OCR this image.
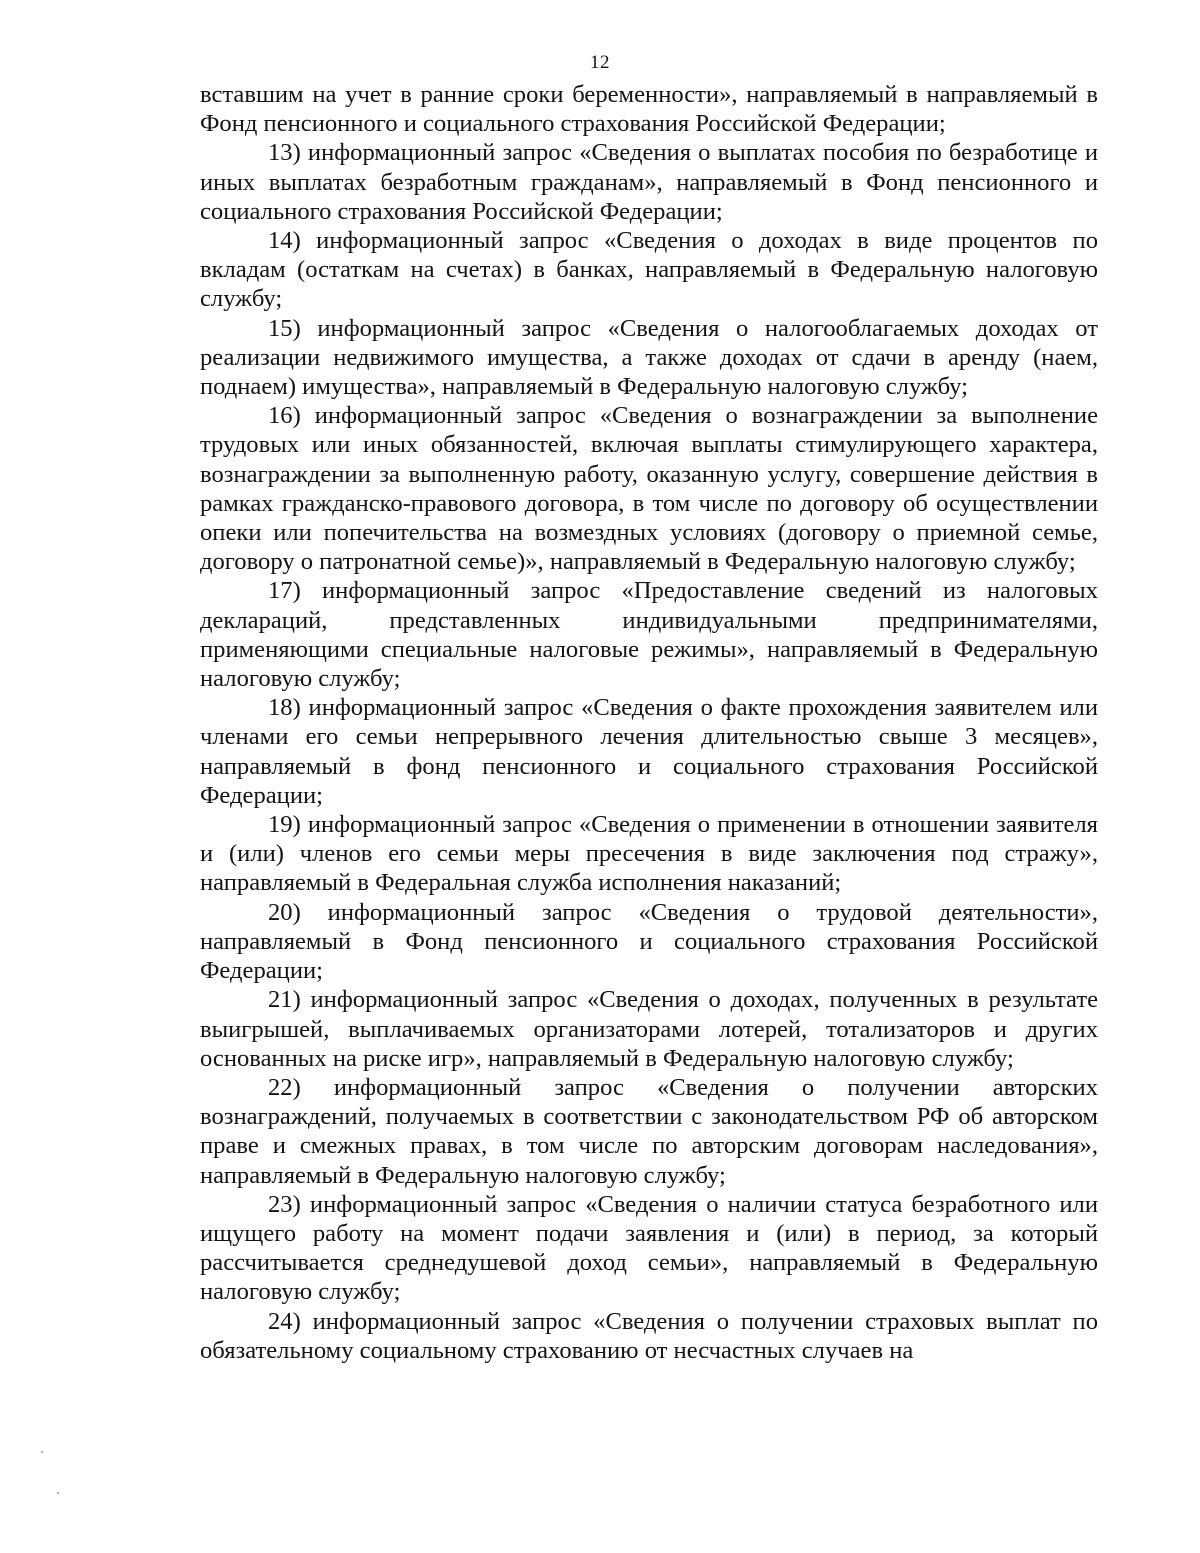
12

вставшим на учет в ранние сроки беременности», направляемый в направляемый в Фонд пенсионного и социального страхования Российской Федерации;

13) информационный запрос «Сведения о выплатах пособия по безработице и иных выплатах безработным гражданам», направляемый в Фонд пенсионного и социального страхования Российской Федерации;

14) информационный запрос «Сведения о доходах в виде процентов по вкладам (остаткам на счетах) в банках, направляемый в Федеральную налоговую службу;

15) информационный запрос «Сведения о налогооблагаемых доходах от реализации недвижимого имущества, а также доходах от сдачи в аренду (наем, поднаем) имущества», направляемый в Федеральную налоговую службу;

16) информационный запрос «Сведения о вознаграждении за выполнение трудовых или иных обязанностей, включая выплаты стимулирующего характера, вознаграждении за выполненную работу, оказанную услугу, совершение действия в рамках гражданско-правового договора, в том числе по договору об осуществлении опеки или попечительства на возмездных условиях (договору о приемной семье, договору о патронатной семье)», направляемый в Федеральную налоговую службу;

17) информационный запрос «Предоставление сведений из налоговых деклараций, представленных индивидуальными предпринимателями, применяющими специальные налоговые режимы», направляемый в Федеральную налоговую службу;

18) информационный запрос «Сведения о факте прохождения заявителем или членами его семьи непрерывного лечения длительностью свыше 3 месяцев», направляемый в фонд пенсионного и социального страхования Российской Федерации;

19) информационный запрос «Сведения о применении в отношении заявителя и (или) членов его семьи меры пресечения в виде заключения под стражу», направляемый в Федеральная служба исполнения наказаний;

20) информационный запрос «Сведения о трудовой деятельности», направляемый в Фонд пенсионного и социального страхования Российской Федерации;

21) информационный запрос «Сведения о доходах, полученных в результате выигрышей, выплачиваемых организаторами лотерей, тотализаторов и других основанных на риске игр», направляемый в Федеральную налоговую службу;

22) информационный запрос «Сведения о получении авторских вознаграждений, получаемых в соответствии с законодательством РФ об авторском праве и смежных правах, в том числе по авторским договорам наследования», направляемый в Федеральную налоговую службу;

23) информационный запрос «Сведения о наличии статуса безработного или ищущего работу на момент подачи заявления и (или) в период, за который рассчитывается среднедушевой доход семьи», направляемый в Федеральную налоговую службу;

24) информационный запрос «Сведения о получении страховых выплат по обязательному социальному страхованию от несчастных случаев на
